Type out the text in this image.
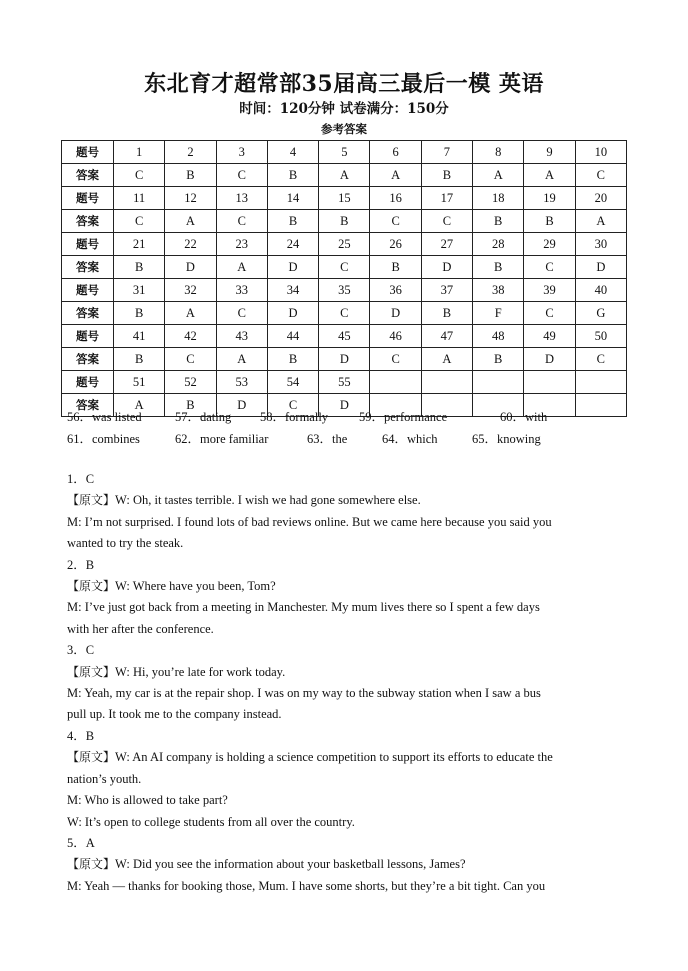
东北育才超常部35届高三最后一模 英语
时间：120分钟 试卷满分：150分
参考答案
题号	1	2	3	4	5	6	7	8	9	10
答案	C	B	C	B	A	A	B	A	A	C
题号	11	12	13	14	15	16	17	18	19	20
答案	C	A	C	B	B	C	C	B	B	A
题号	21	22	23	24	25	26	27	28	29	30
答案	B	D	A	D	C	B	D	B	C	D
题号	31	32	33	34	35	36	37	38	39	40
答案	B	A	C	D	C	D	B	F	C	G
题号	41	42	43	44	45	46	47	48	49	50
答案	B	C	A	B	D	C	A	B	D	C
题号	51	52	53	54	55					
答案	A	B	D	C	D					
56．was listed	57．dating 58．formally 59．performance	60．with
61．combines	62．more familiar	63．the	64．which	65．knowing

1．C

【原文】W: Oh, it tastes terrible. I wish we had gone somewhere else.

M: I’m not surprised. I found lots of bad reviews online. But we came here because you said you

wanted to try the steak.

2．B

【原文】W: Where have you been, Tom?

M: I’ve just got back from a meeting in Manchester. My mum lives there so I spent a few days

with her after the conference.

3．C

【原文】W: Hi, you’re late for work today.

M: Yeah, my car is at the repair shop. I was on my way to the subway station when I saw a bus

pull up. It took me to the company instead.

4．B

【原文】W: An AI company is holding a science competition to support its efforts to educate the

nation’s youth.

M: Who is allowed to take part?

W: It’s open to college students from all over the country.

5．A

【原文】W: Did you see the information about your basketball lessons, James?

M: Yeah — thanks for booking those, Mum. I have some shorts, but they’re a bit tight. Can you
